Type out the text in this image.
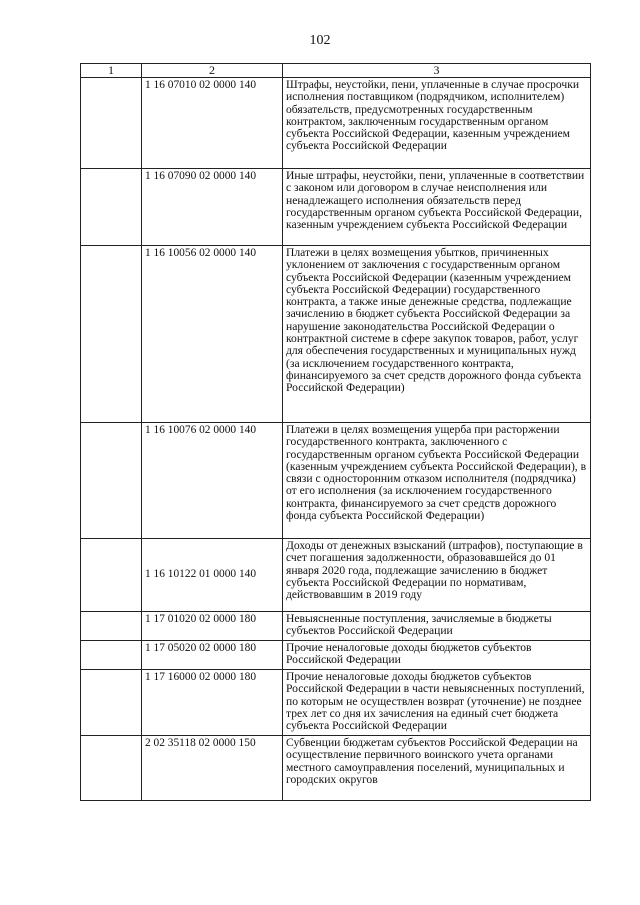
102
1	2	3
	1 16 07010 02 0000 140	Штрафы, неустойки, пени, уплаченные в случае просрочки исполнения поставщиком (подрядчиком, исполнителем) обязательств, предусмотренных государственным контрактом, заключенным государственным органом субъекта Российской Федерации, казенным учреждением субъекта Российской Федерации
	1 16 07090 02 0000 140	Иные штрафы, неустойки, пени, уплаченные в соответствии с законом или договором в случае неисполнения или ненадлежащего исполнения обязательств перед государственным органом субъекта Российской Федерации, казенным учреждением субъекта Российской Федерации
	1 16 10056 02 0000 140	Платежи в целях возмещения убытков, причиненных уклонением от заключения с государственным органом субъекта Российской Федерации (казенным учреждением субъекта Российской Федерации) государственного контракта, а также иные денежные средства, подлежащие зачислению в бюджет субъекта Российской Федерации за нарушение законодательства Российской Федерации о контрактной системе в сфере закупок товаров, работ, услуг для обеспечения государственных и муниципальных нужд (за исключением государственного контракта, финансируемого за счет средств дорожного фонда субъекта Российской Федерации)
	1 16 10076 02 0000 140	Платежи в целях возмещения ущерба при расторжении государственного контракта, заключенного с государственным органом субъекта Российской Федерации (казенным учреждением субъекта Российской Федерации), в связи с односторонним отказом исполнителя (подрядчика) от его исполнения (за исключением государственного контракта, финансируемого за счет средств дорожного фонда субъекта Российской Федерации)
	1 16 10122 01 0000 140	Доходы от денежных взысканий (штрафов), поступающие в счет погашения задолженности, образовавшейся до 01 января 2020 года, подлежащие зачислению в бюджет субъекта Российской Федерации по нормативам, действовавшим в 2019 году
	1 17 01020 02 0000 180	Невыясненные поступления, зачисляемые в бюджеты субъектов Российской Федерации
	1 17 05020 02 0000 180	Прочие неналоговые доходы бюджетов субъектов Российской Федерации
	1 17 16000 02 0000 180	Прочие неналоговые доходы бюджетов субъектов Российской Федерации в части невыясненных поступлений, по которым не осуществлен возврат (уточнение) не позднее трех лет со дня их зачисления на единый счет бюджета субъекта Российской Федерации
	2 02 35118 02 0000 150	Субвенции бюджетам субъектов Российской Федерации на осуществление первичного воинского учета органами местного самоуправления поселений, муниципальных и городских округов
